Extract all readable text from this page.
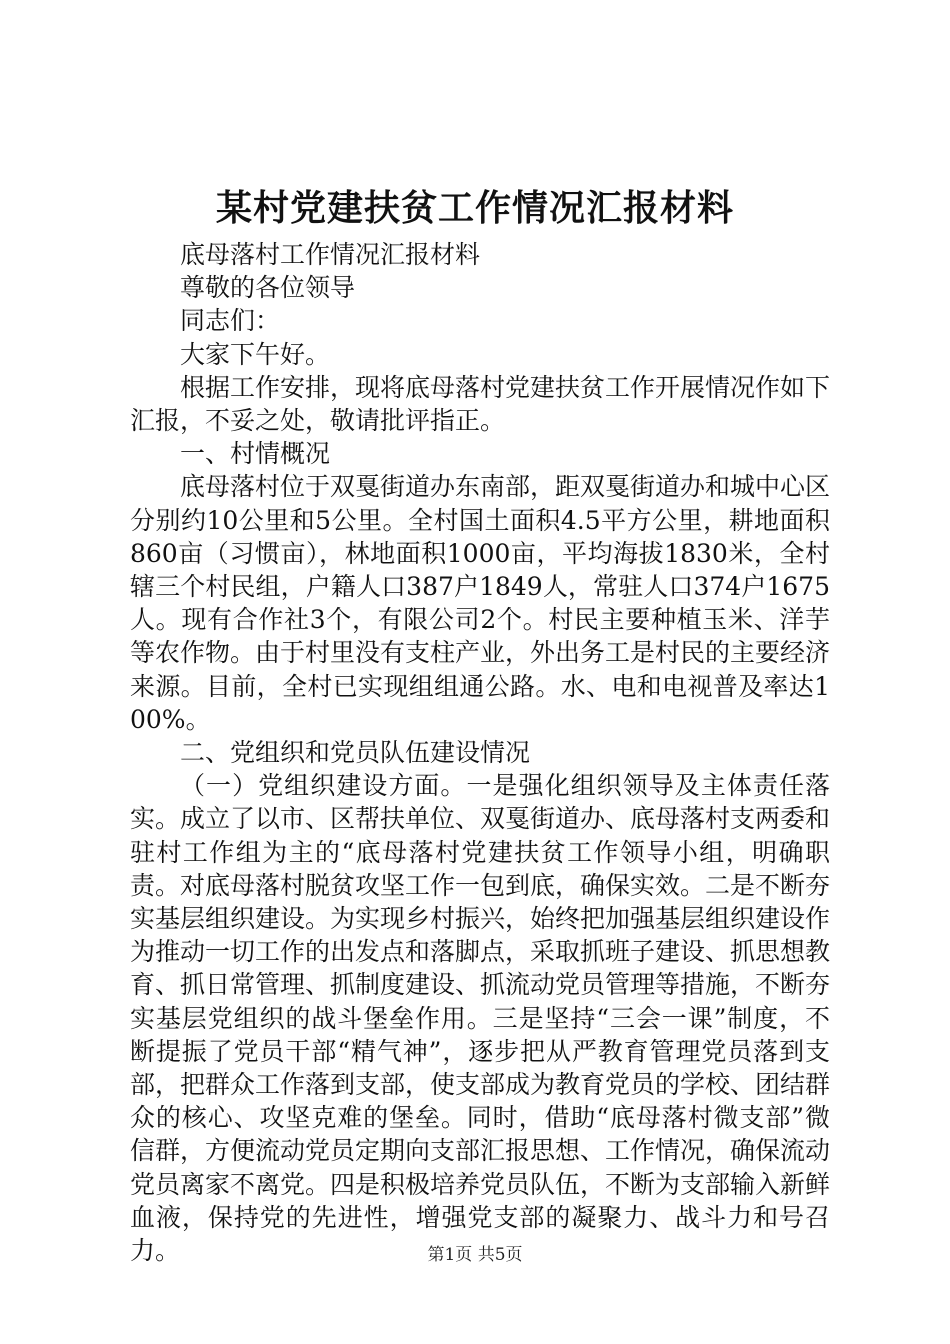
某村党建扶贫工作情况汇报材料

底母落村工作情况汇报材料

尊敬的各位领导

同志们：

大家下午好。

根据工作安排，现将底母落村党建扶贫工作开展情况作如下汇报，不妥之处，敬请批评指正。

一、村情概况

底母落村位于双戛街道办东南部，距双戛街道办和城中心区分别约10公里和5公里。全村国土面积4.5平方公里，耕地面积860亩（习惯亩），林地面积1000亩，平均海拔1830米，全村辖三个村民组，户籍人口387户1849人，常驻人口374户1675人。现有合作社3个，有限公司2个。村民主要种植玉米、洋芋等农作物。由于村里没有支柱产业，外出务工是村民的主要经济来源。目前，全村已实现组组通公路。水、电和电视普及率达100%。

二、党组织和党员队伍建设情况

（一）党组织建设方面。一是强化组织领导及主体责任落实。成立了以市、区帮扶单位、双戛街道办、底母落村支两委和驻村工作组为主的“底母落村党建扶贫工作领导小组，明确职责。对底母落村脱贫攻坚工作一包到底，确保实效。二是不断夯实基层组织建设。为实现乡村振兴，始终把加强基层组织建设作为推动一切工作的出发点和落脚点，采取抓班子建设、抓思想教育、抓日常管理、抓制度建设、抓流动党员管理等措施，不断夯实基层党组织的战斗堡垒作用。三是坚持“三会一课”制度，不断提振了党员干部“精气神”，逐步把从严教育管理党员落到支部，把群众工作落到支部，使支部成为教育党员的学校、团结群众的核心、攻坚克难的堡垒。同时，借助“底母落村微支部”微信群，方便流动党员定期向支部汇报思想、工作情况，确保流动党员离家不离党。四是积极培养党员队伍，不断为支部输入新鲜血液，保持党的先进性，增强党支部的凝聚力、战斗力和号召力。	第1页 共5页
